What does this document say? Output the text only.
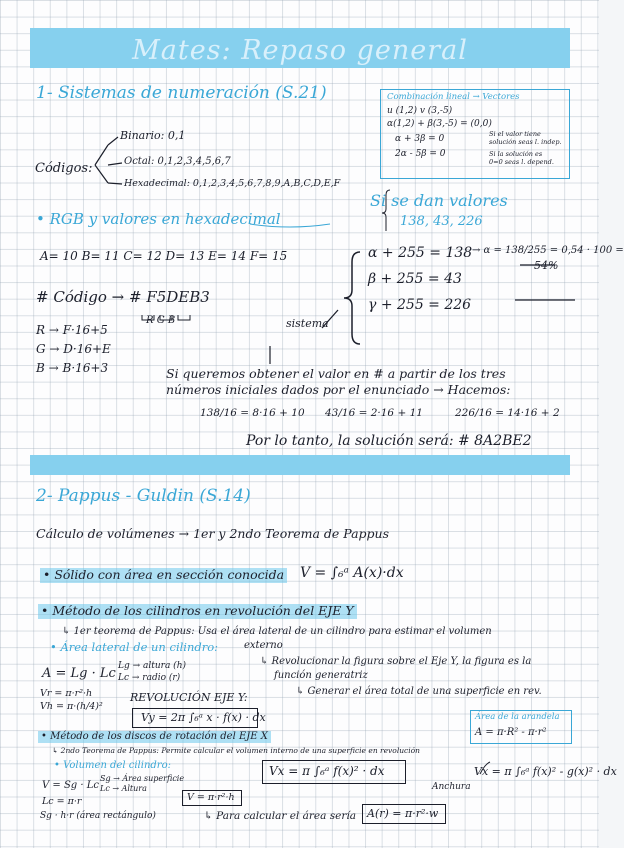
Mates: Repaso general
1- Sistemas de numeración (S.21)
Códigos:
Binario: 0,1
Octal: 0,1,2,3,4,5,6,7
Hexadecimal: 0,1,2,3,4,5,6,7,8,9,A,B,C,D,E,F
Combinación lineal → Vectores
u (1,2) v (3,-5)
α(1,2) + β(3,-5) = (0,0)
α + 3β = 0
2α - 5β = 0
Si el valor tiene
solución seas l. indep.
Si la solución es
0=0 seas l. depend.
Si se dan valores
138, 43, 226
• RGB y valores en hexadecimal
A= 10 B= 11 C= 12 D= 13 E= 14 F= 15
# Código → # F5DEB3
R G B
R → F·16+5
G → D·16+E
B → B·16+3
α + 255 = 138 → α = 138/255 = 0,54 · 100 =
54%
β + 255 = 43
γ + 255 = 226
sistema
Si queremos obtener el valor en # a partir de los tres
números iniciales dados por el enunciado → Hacemos:
138/16 = 8·16 + 10 43/16 = 2·16 + 11	226/16 = 14·16 + 2
Por lo tanto, la solución será: # 8A2BE2
2- Pappus - Guldin (S.14)
Cálculo de volúmenes → 1er y 2ndo Teorema de Pappus
• Sólido con área en sección conocida V = ∫₆ᵃ A(x)·dx
• Método de los cilindros en revolución del EJE Y
↳ 1er teorema de Pappus: Usa el área lateral de un cilindro para estimar el volumen
externo
• Área lateral de un cilindro:
A = Lg · Lc Lg → altura (h)
Lc → radio (r)
↳ Revolucionar la figura sobre el Eje Y, la figura es la
función generatriz
↳ Generar el área total de una superficie en rev.
Vr = π·r²·h
Vh = π·(h/4)²
REVOLUCIÓN EJE Y:
Vy = 2π ∫₆ᵃ x · f(x) · dx	Área de la arandela
A = π·R² - π·r²
• Método de los discos de rotación del EJE X
↳ 2ndo Teorema de Pappus: Permite calcular el volumen interno de una superficie en revolución
• Volumen del cilindro:
V = Sg · Lc
Sg → Área superficie
Lc → Altura
V = π·r²·h
Lc = π·r
Sg · h·r (área rectángulo)
Vx = π ∫₆ᵃ f(x)² · dx	Vx = π ∫₆ᵃ f(x)² - g(x)² · dx
Anchura
↳ Para calcular el área sería A(r) = π·r²·w
